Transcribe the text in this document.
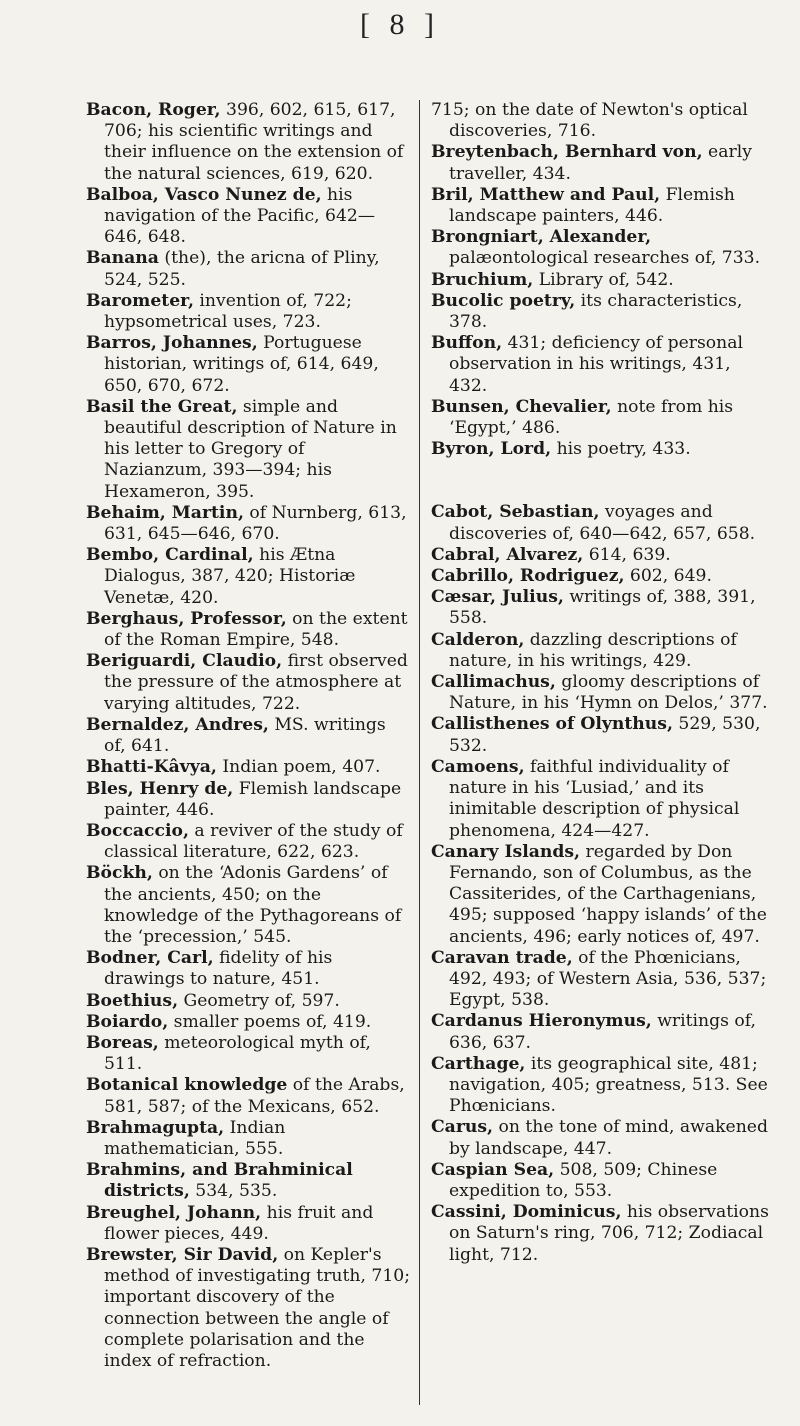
[ 8 ]

Bacon, Roger, 396, 602, 615, 617, 706; his scientific writings and their influence on the extension of the natural sciences, 619, 620.

Balboa, Vasco Nunez de, his navigation of the Pacific, 642—646, 648.

Banana (the), the aricna of Pliny, 524, 525.

Barometer, invention of, 722; hypsometrical uses, 723.

Barros, Johannes, Portuguese historian, writings of, 614, 649, 650, 670, 672.

Basil the Great, simple and beautiful description of Nature in his letter to Gregory of Nazianzum, 393—394; his Hexameron, 395.

Behaim, Martin, of Nurnberg, 613, 631, 645—646, 670.

Bembo, Cardinal, his Ætna Dialogus, 387, 420; Historiæ Venetæ, 420.

Berghaus, Professor, on the extent of the Roman Empire, 548.

Beriguardi, Claudio, first observed the pressure of the atmosphere at varying altitudes, 722.

Bernaldez, Andres, MS. writings of, 641.

Bhatti-Kâvya, Indian poem, 407.

Bles, Henry de, Flemish landscape painter, 446.

Boccaccio, a reviver of the study of classical literature, 622, 623.

Böckh, on the ‘Adonis Gardens’ of the ancients, 450; on the knowledge of the Pythagoreans of the ‘precession,’ 545.

Bodner, Carl, fidelity of his drawings to nature, 451.

Boethius, Geometry of, 597.

Boiardo, smaller poems of, 419.

Boreas, meteorological myth of, 511.

Botanical knowledge of the Arabs, 581, 587; of the Mexicans, 652.

Brahmagupta, Indian mathematician, 555.

Brahmins, and Brahminical districts, 534, 535.

Breughel, Johann, his fruit and flower pieces, 449.

Brewster, Sir David, on Kepler's method of investigating truth, 710; important discovery of the connection between the angle of complete polarisation and the index of refraction.

715; on the date of Newton's optical discoveries, 716.

Breytenbach, Bernhard von, early traveller, 434.

Bril, Matthew and Paul, Flemish landscape painters, 446.

Brongniart, Alexander, palæontological researches of, 733.

Bruchium, Library of, 542.

Bucolic poetry, its characteristics, 378.

Buffon, 431; deficiency of personal observation in his writings, 431, 432.

Bunsen, Chevalier, note from his ‘Egypt,’ 486.

Byron, Lord, his poetry, 433.

Cabot, Sebastian, voyages and discoveries of, 640—642, 657, 658.

Cabral, Alvarez, 614, 639.

Cabrillo, Rodriguez, 602, 649.

Cæsar, Julius, writings of, 388, 391, 558.

Calderon, dazzling descriptions of nature, in his writings, 429.

Callimachus, gloomy descriptions of Nature, in his ‘Hymn on Delos,’ 377.

Callisthenes of Olynthus, 529, 530, 532.

Camoens, faithful individuality of nature in his ‘Lusiad,’ and its inimitable description of physical phenomena, 424—427.

Canary Islands, regarded by Don Fernando, son of Columbus, as the Cassiterides, of the Carthagenians, 495; supposed ‘happy islands’ of the ancients, 496; early notices of, 497.

Caravan trade, of the Phœnicians, 492, 493; of Western Asia, 536, 537; Egypt, 538.

Cardanus Hieronymus, writings of, 636, 637.

Carthage, its geographical site, 481; navigation, 405; greatness, 513. See Phœnicians.

Carus, on the tone of mind, awakened by landscape, 447.

Caspian Sea, 508, 509; Chinese expedition to, 553.

Cassini, Dominicus, his observations on Saturn's ring, 706, 712; Zodiacal light, 712.
